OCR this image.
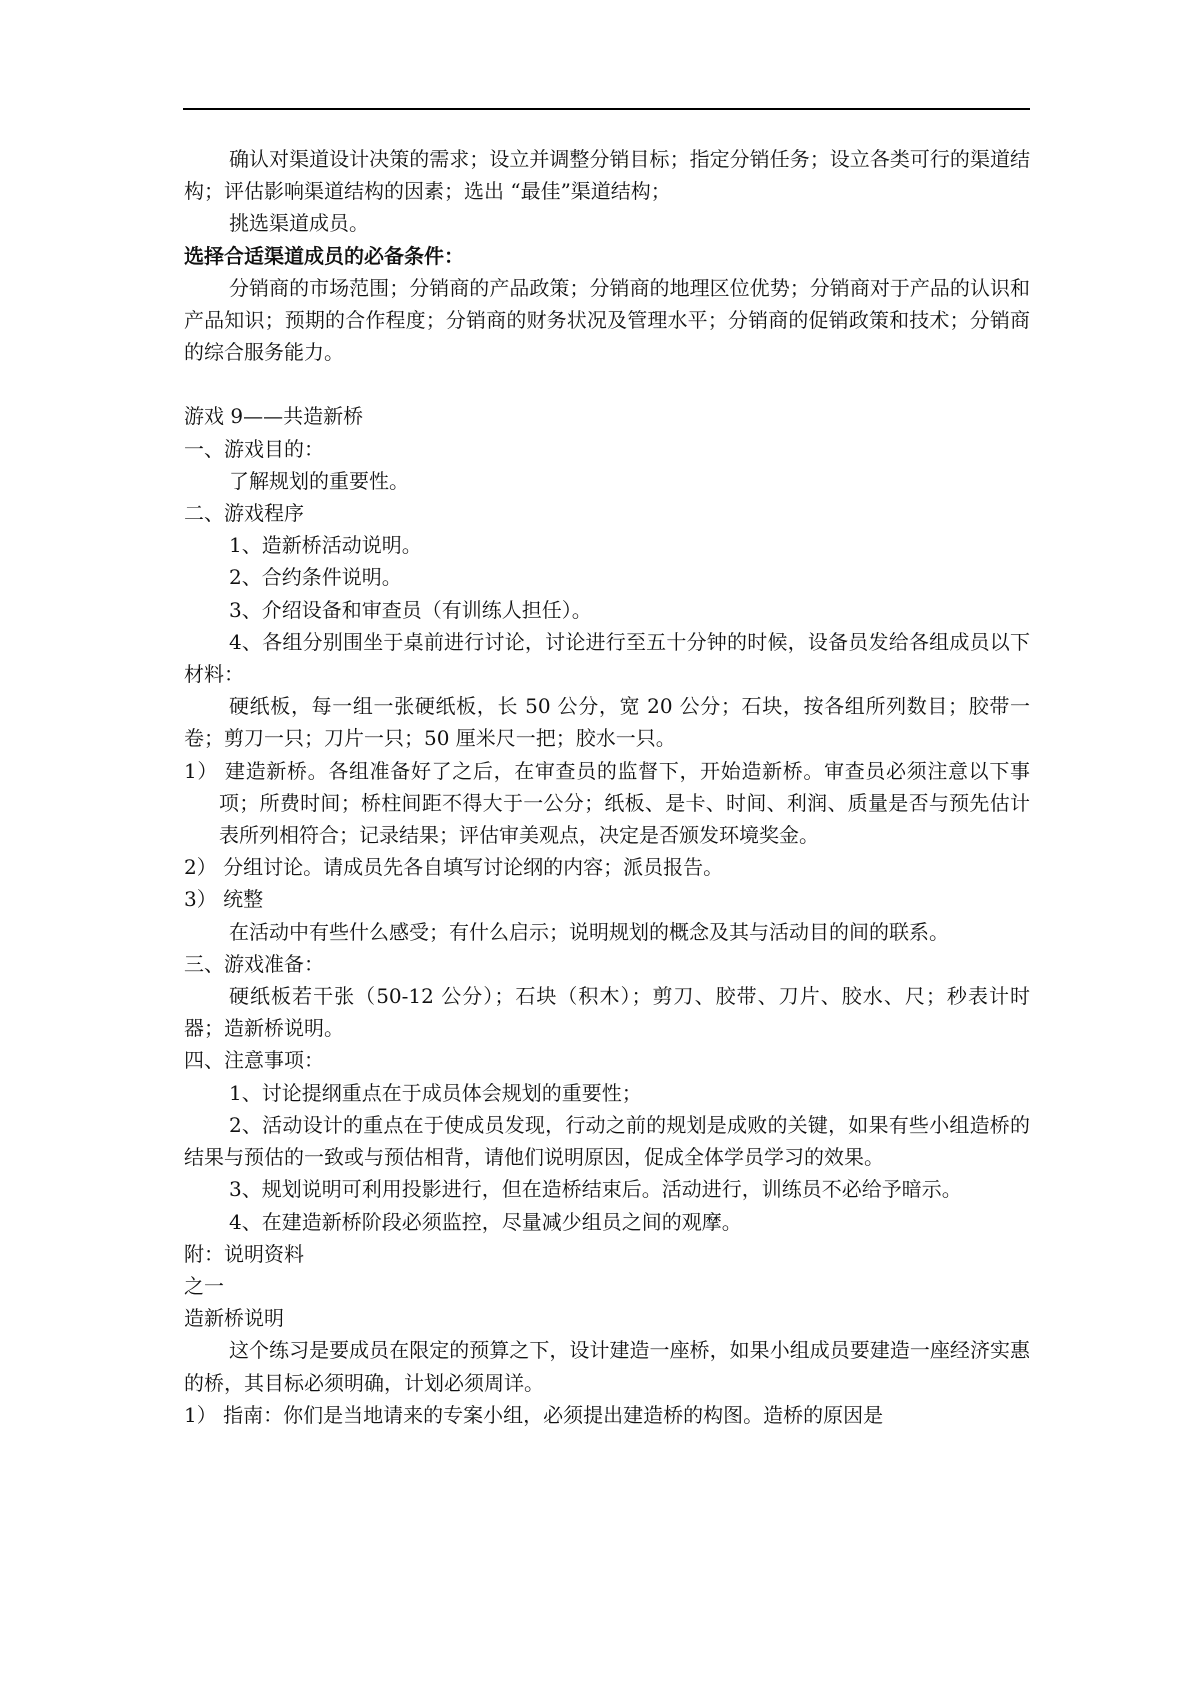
确认对渠道设计决策的需求；设立并调整分销目标；指定分销任务；设立各类可行的渠道结构；评估影响渠道结构的因素；选出 “最佳”渠道结构；

挑选渠道成员。

选择合适渠道成员的必备条件：

分销商的市场范围；分销商的产品政策；分销商的地理区位优势；分销商对于产品的认识和产品知识；预期的合作程度；分销商的财务状况及管理水平；分销商的促销政策和技术；分销商的综合服务能力。

游戏 9——共造新桥

一、游戏目的：

了解规划的重要性。

二、游戏程序

1、造新桥活动说明。

2、合约条件说明。

3、介绍设备和审查员（有训练人担任）。

4、各组分别围坐于桌前进行讨论，讨论进行至五十分钟的时候，设备员发给各组成员以下材料：

硬纸板，每一组一张硬纸板，长 50 公分，宽 20 公分；石块，按各组所列数目；胶带一卷；剪刀一只；刀片一只；50 厘米尺一把；胶水一只。

1） 建造新桥。各组准备好了之后，在审查员的监督下，开始造新桥。审查员必须注意以下事项；所费时间；桥柱间距不得大于一公分；纸板、是卡、时间、利润、质量是否与预先估计表所列相符合；记录结果；评估审美观点，决定是否颁发环境奖金。

2） 分组讨论。请成员先各自填写讨论纲的内容；派员报告。

3） 统整

在活动中有些什么感受；有什么启示；说明规划的概念及其与活动目的间的联系。

三、游戏准备：

硬纸板若干张（50-12 公分）；石块（积木）；剪刀、胶带、刀片、胶水、尺；秒表计时器；造新桥说明。

四、注意事项：

1、讨论提纲重点在于成员体会规划的重要性；

2、活动设计的重点在于使成员发现，行动之前的规划是成败的关键，如果有些小组造桥的结果与预估的一致或与预估相背，请他们说明原因，促成全体学员学习的效果。

3、规划说明可利用投影进行，但在造桥结束后。活动进行，训练员不必给予暗示。

4、在建造新桥阶段必须监控，尽量减少组员之间的观摩。

附：说明资料

之一

造新桥说明

这个练习是要成员在限定的预算之下，设计建造一座桥，如果小组成员要建造一座经济实惠的桥，其目标必须明确，计划必须周详。

1） 指南：你们是当地请来的专案小组，必须提出建造桥的构图。造桥的原因是
